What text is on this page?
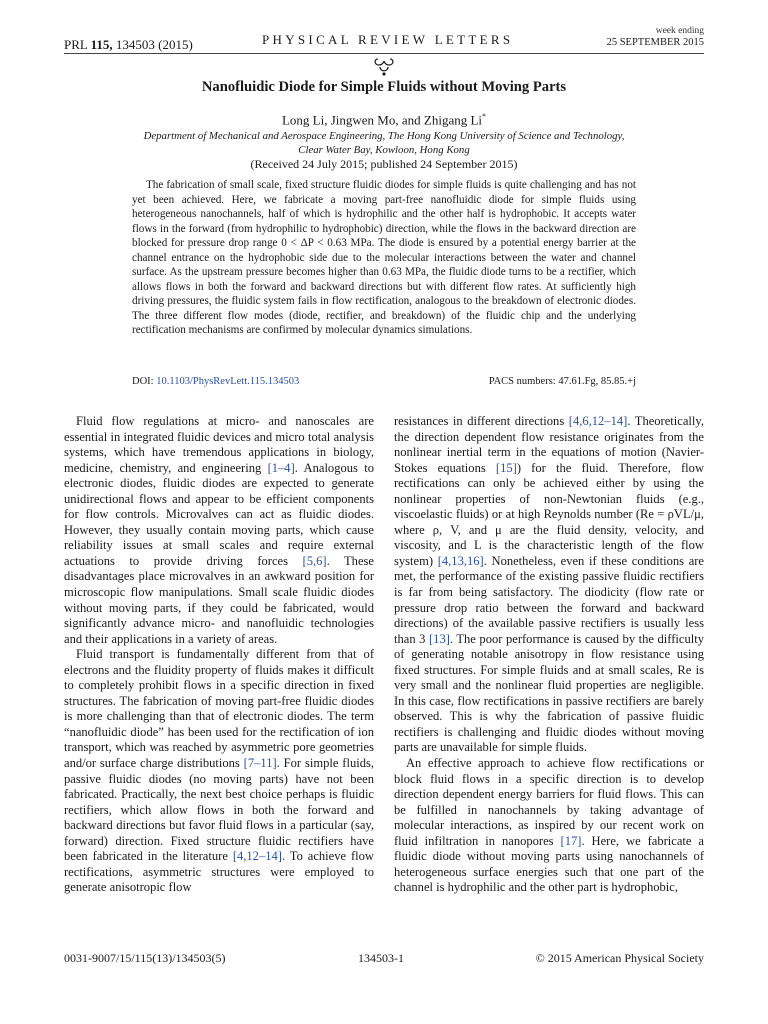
PRL 115, 134503 (2015)	PHYSICAL REVIEW LETTERS
week ending
25 SEPTEMBER 2015
Nanofluidic Diode for Simple Fluids without Moving Parts
Long Li, Jingwen Mo, and Zhigang Li*
Department of Mechanical and Aerospace Engineering, The Hong Kong University of Science and Technology,
Clear Water Bay, Kowloon, Hong Kong
(Received 24 July 2015; published 24 September 2015)
The fabrication of small scale, fixed structure fluidic diodes for simple fluids is quite challenging and has not yet been achieved. Here, we fabricate a moving part-free nanofluidic diode for simple fluids using heterogeneous nanochannels, half of which is hydrophilic and the other half is hydrophobic. It accepts water flows in the forward (from hydrophilic to hydrophobic) direction, while the flows in the backward direction are blocked for pressure drop range 0 < ΔP < 0.63 MPa. The diode is ensured by a potential energy barrier at the channel entrance on the hydrophobic side due to the molecular interactions between the water and channel surface. As the upstream pressure becomes higher than 0.63 MPa, the fluidic diode turns to be a rectifier, which allows flows in both the forward and backward directions but with different flow rates. At sufficiently high driving pressures, the fluidic system fails in flow rectification, analogous to the breakdown of electronic diodes. The three different flow modes (diode, rectifier, and breakdown) of the fluidic chip and the underlying rectification mechanisms are confirmed by molecular dynamics simulations.
DOI: 10.1103/PhysRevLett.115.134503	PACS numbers: 47.61.Fg, 85.85.+j

Fluid flow regulations at micro- and nanoscales are essential in integrated fluidic devices and micro total analysis systems, which have tremendous applications in biology, medicine, chemistry, and engineering [1–4]. Analogous to electronic diodes, fluidic diodes are expected to generate unidirectional flows and appear to be efficient components for flow controls. Microvalves can act as fluidic diodes. However, they usually contain moving parts, which cause reliability issues at small scales and require external actuations to provide driving forces [5,6]. These disadvantages place microvalves in an awkward position for microscopic flow manipulations. Small scale fluidic diodes without moving parts, if they could be fabricated, would significantly advance micro- and nanofluidic technologies and their applications in a variety of areas.

Fluid transport is fundamentally different from that of electrons and the fluidity property of fluids makes it difficult to completely prohibit flows in a specific direction in fixed structures. The fabrication of moving part-free fluidic diodes is more challenging than that of electronic diodes. The term “nanofluidic diode” has been used for the rectification of ion transport, which was reached by asymmetric pore geometries and/or surface charge distributions [7–11]. For simple fluids, passive fluidic diodes (no moving parts) have not been fabricated. Practically, the next best choice perhaps is fluidic rectifiers, which allow flows in both the forward and backward directions but favor fluid flows in a particular (say, forward) direction. Fixed structure fluidic rectifiers have been fabricated in the literature [4,12–14]. To achieve flow rectifications, asymmetric structures were employed to generate anisotropic flow

resistances in different directions [4,6,12–14]. Theoretically, the direction dependent flow resistance originates from the nonlinear inertial term in the equations of motion (Navier-Stokes equations [15]) for the fluid. Therefore, flow rectifications can only be achieved either by using the nonlinear properties of non-Newtonian fluids (e.g., viscoelastic fluids) or at high Reynolds number (Re = ρVL/μ, where ρ, V, and μ are the fluid density, velocity, and viscosity, and L is the characteristic length of the flow system) [4,13,16]. Nonetheless, even if these conditions are met, the performance of the existing passive fluidic rectifiers is far from being satisfactory. The diodicity (flow rate or pressure drop ratio between the forward and backward directions) of the available passive rectifiers is usually less than 3 [13]. The poor performance is caused by the difficulty of generating notable anisotropy in flow resistance using fixed structures. For simple fluids and at small scales, Re is very small and the nonlinear fluid properties are negligible. In this case, flow rectifications in passive rectifiers are barely observed. This is why the fabrication of passive fluidic rectifiers is challenging and fluidic diodes without moving parts are unavailable for simple fluids.

An effective approach to achieve flow rectifications or block fluid flows in a specific direction is to develop direction dependent energy barriers for fluid flows. This can be fulfilled in nanochannels by taking advantage of molecular interactions, as inspired by our recent work on fluid infiltration in nanopores [17]. Here, we fabricate a fluidic diode without moving parts using nanochannels of heterogeneous surface energies such that one part of the channel is hydrophilic and the other part is hydrophobic,

0031-9007/15/115(13)/134503(5)	134503-1	© 2015 American Physical Society
